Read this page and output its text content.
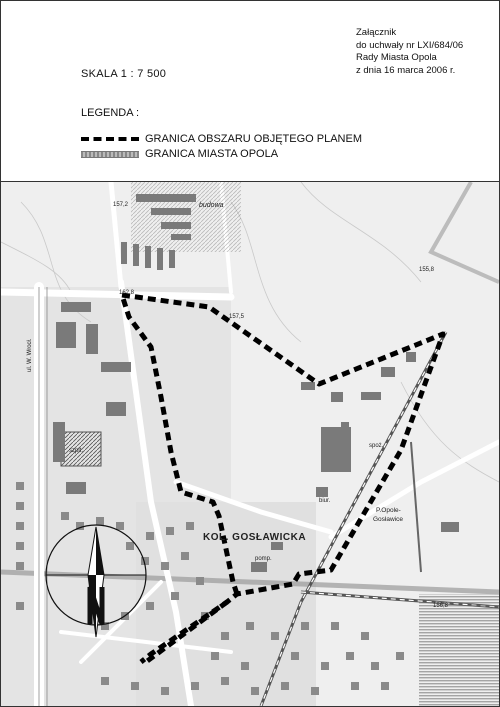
Załącznik
do uchwały nr LXI/684/06
Rady Miasta Opola
z dnia 16 marca 2006 r.
SKALA 1 : 7 500
LEGENDA :
GRANICA OBSZARU OBJĘTEGO PLANEM
GRANICA MIASTA OPOLA
budowa
KOL. GOSŁAWICKA
P.Opole-
Gosławice
ul. W. Wrocł.
szpit.
spoż.
pomp.
biur.
157,2
155,8
157,5
156,8
162,8
